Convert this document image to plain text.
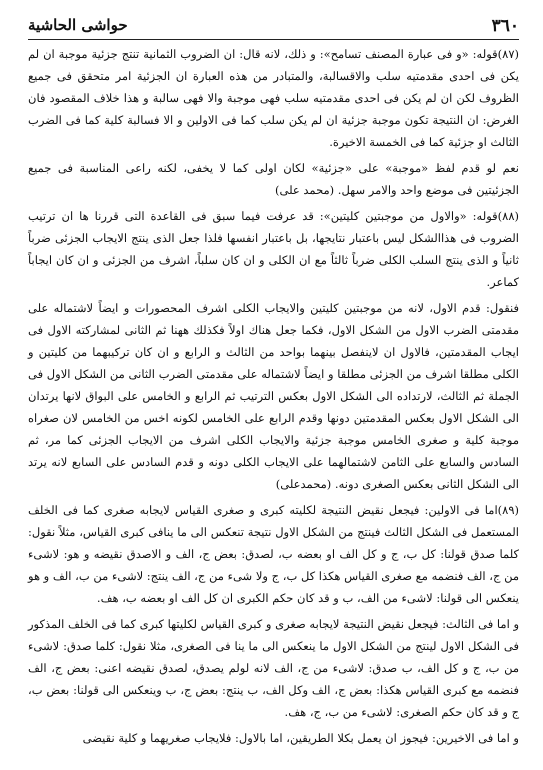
٣٦٠
حواشى الحاشية

(٨٧)قوله: «و فى عبارة المصنف تسامح»: و ذلك، لانه قال: ان الضروب الثمانية تنتج جزئية موجبة ان لم يكن فى احدى مقدمتيه سلب والاقسالبة، والمتبادر من هذه العبارة ان الجزئية امر متحقق فى جميع الظروف لكن ان لم يكن فى احدى مقدمتيه سلب فهى موجبة والا فهى سالبة و هذا خلاف المقصود فان الغرض: ان النتيجة تكون موجبة جزئية ان لم يكن سلب كما فى الاولين و الا فسالبة كلية كما فى الضرب الثالث او جزئية كما فى الخمسة الاخيرة.

نعم لو قدم لفظ «موجبة» على «جزئية» لكان اولى كما لا يخفى، لكنه راعى المناسبة فى جميع الجزئيتين فى موضع واحد والامر سهل. (محمد على)

(٨٨)قوله: «والاول من موجبتين كليتين»: قد عرفت فيما سبق فى القاعدة التى قررنا ها ان ترتيب الضروب فى هذاالشكل ليس باعتبار نتايجها، بل باعتبار انفسها فلذا جعل الذى ينتج الايجاب الجزئى ضرباً ثانياً و الذى ينتج السلب الكلى ضرباً ثالثاً مع ان الكلى و ان كان سلباً، اشرف من الجزئى و ان كان ايجاباً كماعر.

فنقول: قدم الاول، لانه من موجبتين كليتين والايجاب الكلى اشرف المحصورات و ايضاً لاشتماله على مقدمتى الضرب الاول من الشكل الاول، فكما جعل هناك اولاً فكذلك ههنا ثم الثانى لمشاركته الاول فى ايجاب المقدمتين، فالاول ان لاينفصل بينهما بواحد من الثالث و الرابع و ان كان تركيبهما من كليتين و الكلى مطلقا اشرف من الجزئى مطلقا و ايضاً لاشتماله على مقدمتى الضرب الثانى من الشكل الاول فى الجملة ثم الثالث، لارتداده الى الشكل الاول بعكس الترتيب ثم الرابع و الخامس على البواق لانها يرتدان الى الشكل الاول بعكس المقدمتين دونها وقدم الرابع على الخامس لكونه اخس من الخامس لان صغراه موجبة كلية و صغرى الخامس موجبة جزئية والايجاب الكلى اشرف من الايجاب الجزئى كما مر، ثم السادس والسابع على الثامن لاشتمالهما على الايجاب الكلى دونه و قدم السادس على السابع لانه يرتد الى الشكل الثانى بعكس الصغرى دونه. (محمدعلى)

(٨٩)اما فى الاولين: فيجعل نقيض النتيجة لكليته كبرى و صغرى القياس لايجابه صغرى كما فى الخلف المستعمل فى الشكل الثالث فينتج من الشكل الاول نتيجة تنعكس الى ما ينافى كبرى القياس، مثلاً نقول: كلما صدق قولنا: كل ب، ج و كل الف او بعضه ب، لصدق: بعض ج، الف و الاصدق نقيضه و هو: لاشىء من ج، الف فنضمه مع صغرى القياس هكذا كل ب، ج ولا شىء من ج، الف ينتج: لاشىء من ب، الف و هو ينعكس الى قولنا: لاشىء من الف، ب و قد كان حكم الكبرى ان كل الف او بعضه ب، هف.

و اما فى الثالث: فيجعل نقيض النتيجة لايجابه صغرى و كبرى القياس لكليتها كبرى كما فى الخلف المذكور فى الشكل الاول لينتج من الشكل الاول ما ينعكس الى ما ينا فى الصغرى، مثلا نقول: كلما صدق: لاشىء من ب، ج و كل الف، ب صدق: لاشىء من ج، الف لانه لولم يصدق، لصدق نقيضه اعنى: بعض ج، الف فنضمه مع كبرى القياس هكذا: بعض ج، الف وكل الف، ب ينتج: بعض ج، ب وينعكس الى قولنا: بعض ب، ج و قد كان حكم الصغرى: لاشىء من ب، ج، هف.

و اما فى الاخيرين: فيجوز ان يعمل بكلا الطريقين، اما بالاول: فلايجاب صغريهما و كلية نقيضى
